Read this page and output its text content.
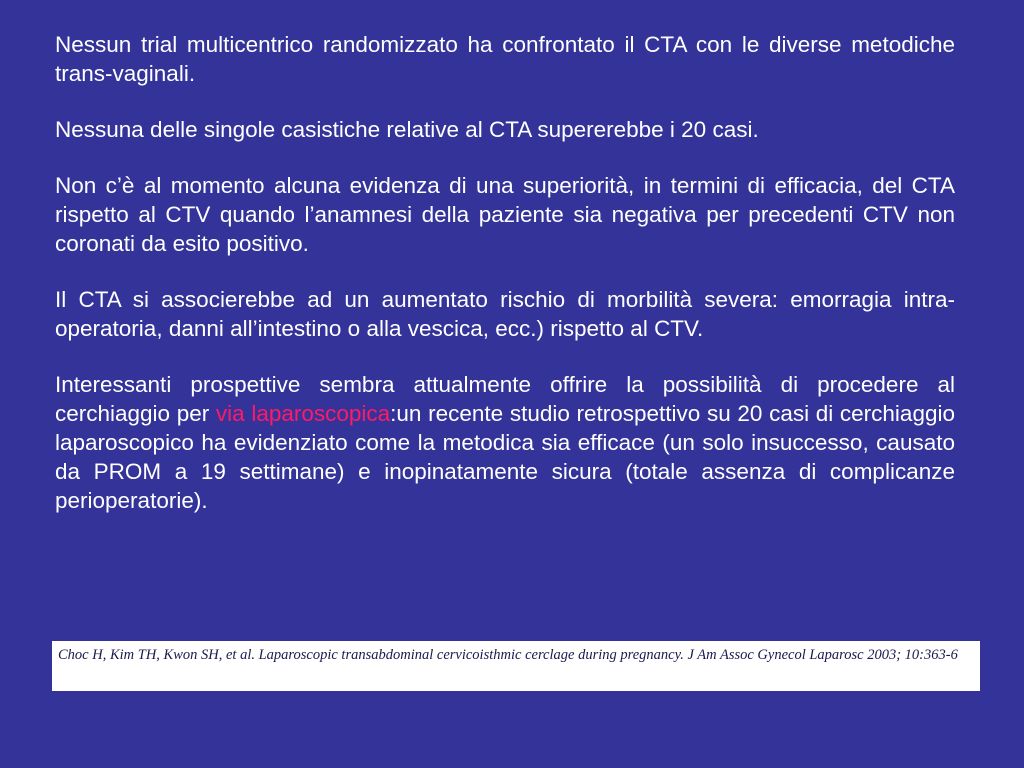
Nessun trial multicentrico randomizzato ha confrontato il CTA con le diverse metodiche trans-vaginali.

Nessuna delle singole casistiche relative al CTA supererebbe i 20 casi.

Non c’è al momento alcuna evidenza di una superiorità, in termini di efficacia, del CTA rispetto al CTV quando l’anamnesi della paziente sia negativa per precedenti CTV non coronati da esito positivo.

Il CTA si associerebbe ad un aumentato rischio di morbilità severa: emorragia intra- operatoria, danni all’intestino o alla vescica, ecc.) rispetto al CTV.

Interessanti prospettive sembra attualmente offrire la possibilità di procedere al cerchiaggio per via laparoscopica:un recente studio retrospettivo su 20 casi di cerchiaggio laparoscopico ha evidenziato come la metodica sia efficace (un solo insuccesso, causato da PROM a 19 settimane) e inopinatamente sicura (totale assenza di complicanze perioperatorie).

Choc H, Kim TH, Kwon SH, et al. Laparoscopic transabdominal cervicoisthmic cerclage during pregnancy. J Am Assoc Gynecol Laparosc 2003; 10:363-6
